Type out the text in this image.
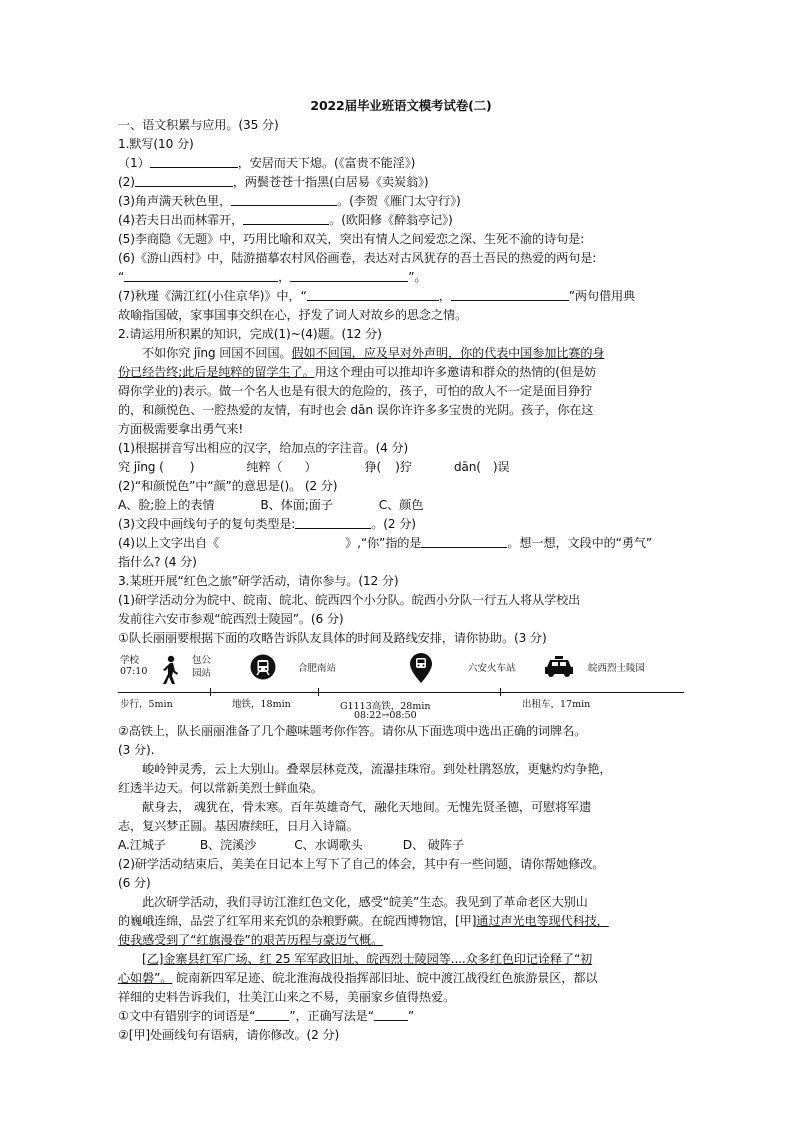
2022届毕业班语文模考试卷(二)
一、语文积累与应用。(35 分)
1.默写(10 分)
（1）	，安居而天下熄。(《富贵不能淫》)
(2)	，两鬓苍苍十指黑(白居易《卖炭翁》)
(3)角声满天秋色里，	。(李贺《雁门太守行》)
(4)若夫日出而林霏开，	。(欧阳修《醉翁亭记》)
(5)李商隐《无题》中，巧用比喻和双关，突出有情人之间爱恋之深、生死不渝的诗句是:
(6)《游山西村》中，陆游描摹农村风俗画卷，表达对古风犹存的吾土吾民的热爱的两句是:
“	，	”。
(7)秋瑾《满江红(小住京华)》中，“	，	”两句借用典
故喻指国破，家事国事交织在心，抒发了词人对故乡的思念之情。
2.请运用所积累的知识，完成(1)~(4)题。(12 分)
不如你究 jīng 回国不回国。假如不回国，应及早对外声明，你的代表中国参加比赛的身
份已经告终;此后是纯粹的留学生了。用这个理由可以推却许多邀请和群众的热情的(但是妨
碍你学业的)表示。做一个名人也是有很大的危险的，孩子，可怕的敌人不一定是面目狰狞
的，和颜悦色、一腔热爱的友情，有时也会 dān 误你许许多多宝贵的光阴。孩子，你在这
方面极需要拿出勇气来!
(1)根据拼音写出相应的汉字，给加点的字注音。(4 分)
究 jīng ( )	纯粹（ ）	狰( )狞	dān( )误
(2)“和颜悦色”中“颜”的意思是()。 (2 分)
A、脸;脸上的表情	B、体面;面子	C、颜色
(3)文段中画线句子的复句类型是:	。(2 分)
(4)以上文字出自《	》,“你”指的是	。想一想，文段中的“勇气”
指什么? (4 分)
3.某班开展“红色之旅”研学活动，请你参与。(12 分)
(1)研学活动分为皖中、皖南、皖北、皖西四个小分队。皖西小分队一行五人将从学校出
发前往六安市参观“皖西烈士陵园”。(6 分)
①队长丽丽要根据下面的攻略告诉队友具体的时间及路线安排，请你协助。(3 分)
学校
07:10
包公
园站	合肥南站	六安火车站	皖西烈士陵园
步行，5min	地铁，18min	G1113高铁，28min
08:22→08:50
出租车，17min
②高铁上，队长丽丽准备了几个趣味题考你作答。请你从下面选项中选出正确的词牌名。
(3 分).
峻岭钟灵秀，云上大别山。叠翠层林竞茂，流瀑挂珠帘。到处杜鹃怒放，更魅灼灼争艳，
红透半边天。何以常新美烈士鲜血染。
献身去， 魂犹在，骨未寒。百年英雄奇气，融化天地间。无愧先贤圣德，可慰将军遗
志，复兴梦正圆。基因赓续旺，日月入诗篇。
A.江城子	B、浣溪沙	C、水调歌头	D、 破阵子
(2)研学活动结束后，美美在日记本上写下了自己的体会，其中有一些问题，请你帮她修改。
(6 分)
此次研学活动，我们寻访江淮红色文化，感受“皖美”生态。我见到了革命老区大别山
的巍峨连绵，品尝了红军用来充饥的杂粮野蕨。在皖西博物馆，[甲]通过声光电等现代科技，
使我感受到了“红旗漫卷”的艰苦历程与豪迈气概。
[乙]金寨县红军广场、红 25 军军政旧址、皖西烈士陵园等....众多红色印记诠释了“初
心如磐”。 皖南新四军足迹、皖北淮海战役指挥部旧址、皖中渡江战役红色旅游景区，都以
祥细的史料告诉我们，壮美江山来之不易，美丽家乡值得热爱。
①文中有错别字的词语是“	”，正确写法是“	”
②[甲]处画线句有语病，请你修改。(2 分)
